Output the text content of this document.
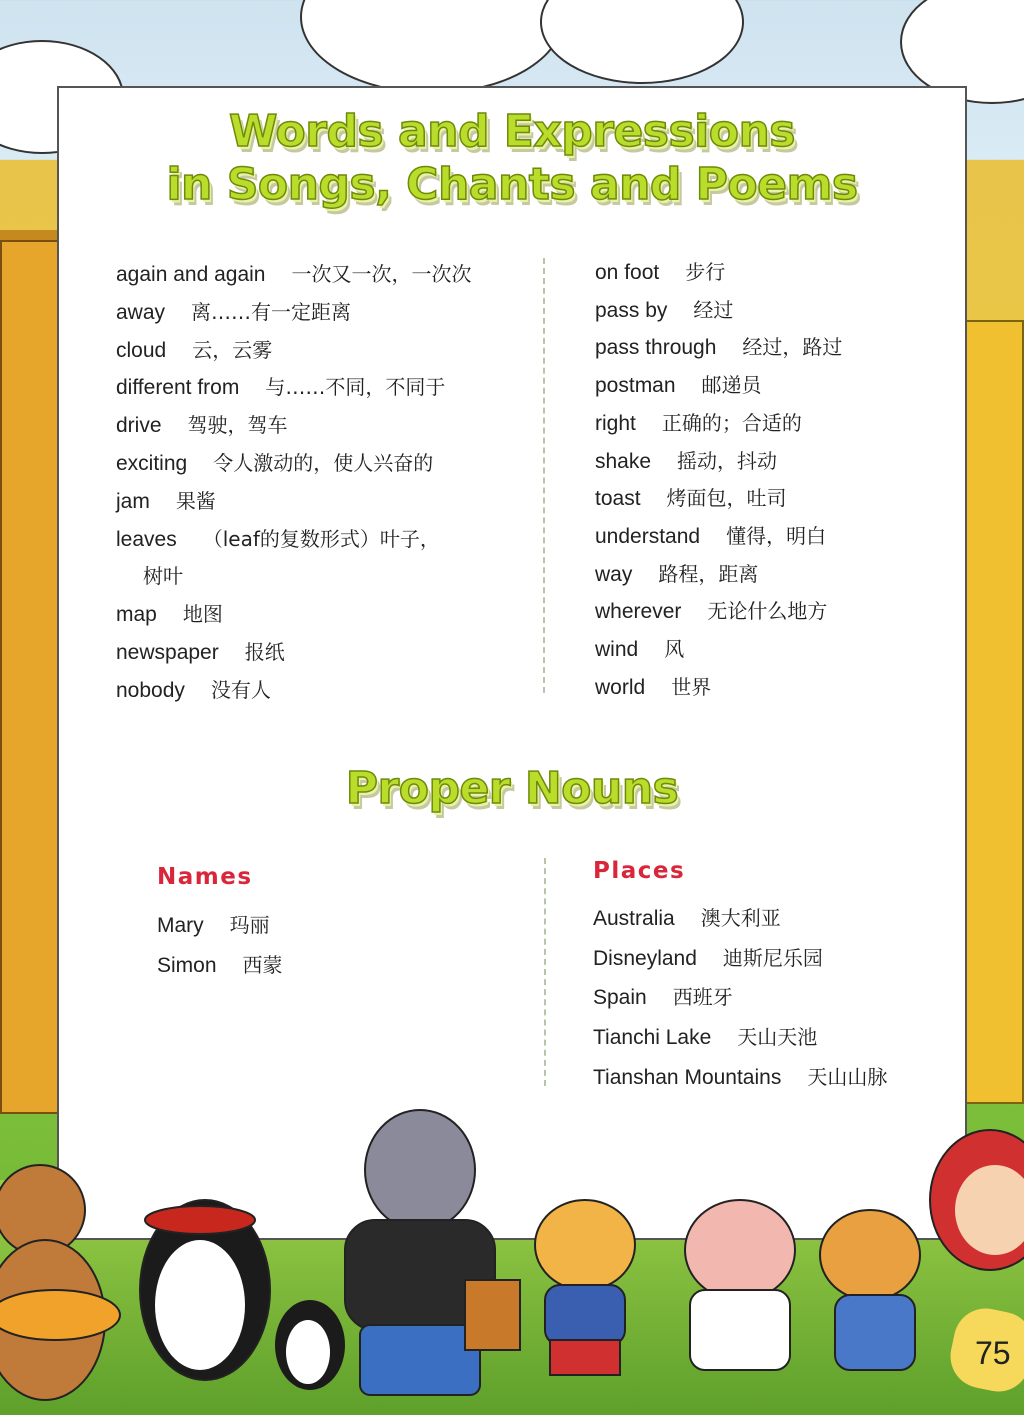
Words and Expressions
in Songs, Chants and Poems
again and again 一次又一次，一次次
away 离……有一定距离
cloud 云，云雾
different from 与……不同，不同于
drive 驾驶，驾车
exciting 令人激动的，使人兴奋的
jam 果酱
leaves （leaf的复数形式）叶子，
树叶
map 地图
newspaper 报纸
nobody 没有人
on foot 步行
pass by 经过
pass through 经过，路过
postman 邮递员
right 正确的；合适的
shake 摇动，抖动
toast 烤面包，吐司
understand 懂得，明白
way 路程，距离
wherever 无论什么地方
wind 风
world 世界
Proper Nouns
Names
Mary 玛丽
Simon 西蒙
Places
Australia 澳大利亚
Disneyland 迪斯尼乐园
Spain 西班牙
Tianchi Lake 天山天池
Tianshan Mountains 天山山脉
75
